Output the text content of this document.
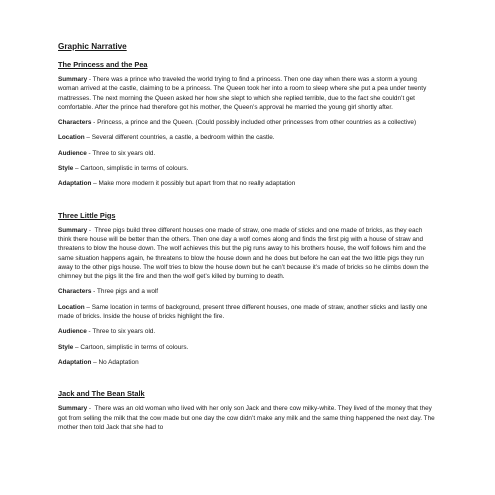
Graphic Narrative
The Princess and the Pea

Summary - There was a prince who traveled the world trying to find a princess. Then one day when there was a storm a young woman arrived at the castle, claiming to be a princess. The Queen took her into a room to sleep where she put a pea under twenty mattresses. The next morning the Queen asked her how she slept to which she replied terrible, due to the fact she couldn’t get comfortable. After the prince had therefore got his mother, the Queen’s approval he married the young girl shortly after.

Characters - Princess, a prince and the Queen. (Could possibly included other princesses from other countries as a collective)

Location – Several different countries, a castle, a bedroom within the castle.

Audience - Three to six years old.

Style – Cartoon, simplistic in terms of colours.

Adaptation – Make more modern it possibly but apart from that no really adaptation

Three Little Pigs

Summary -  Three pigs build three different houses one made of straw, one made of sticks and one made of bricks, as they each think there house will be better than the others. Then one day a wolf comes along and finds the first pig with a house of straw and threatens to blow the house down. The wolf achieves this but the pig runs away to his brothers house, the wolf follows him and the same situation happens again, he threatens to blow the house down and he does but before he can eat the two little pigs they run away to the other pigs house. The wolf tries to blow the house down but he can’t because it’s made of bricks so he climbs down the chimney but the pigs lit the fire and then the wolf get’s killed by burning to death.

Characters - Three pigs and a wolf

Location – Same location in terms of background, present three different houses, one made of straw, another sticks and lastly one made of bricks. Inside the house of bricks highlight the fire.

Audience - Three to six years old.

Style – Cartoon, simplistic in terms of colours.

Adaptation – No Adaptation

Jack and The Bean Stalk

Summary -  There was an old woman who lived with her only son Jack and there cow milky-white. They lived of the money that they got from selling the milk that the cow made but one day the cow didn’t make any milk and the same thing happened the next day. The mother then told Jack that she had to
